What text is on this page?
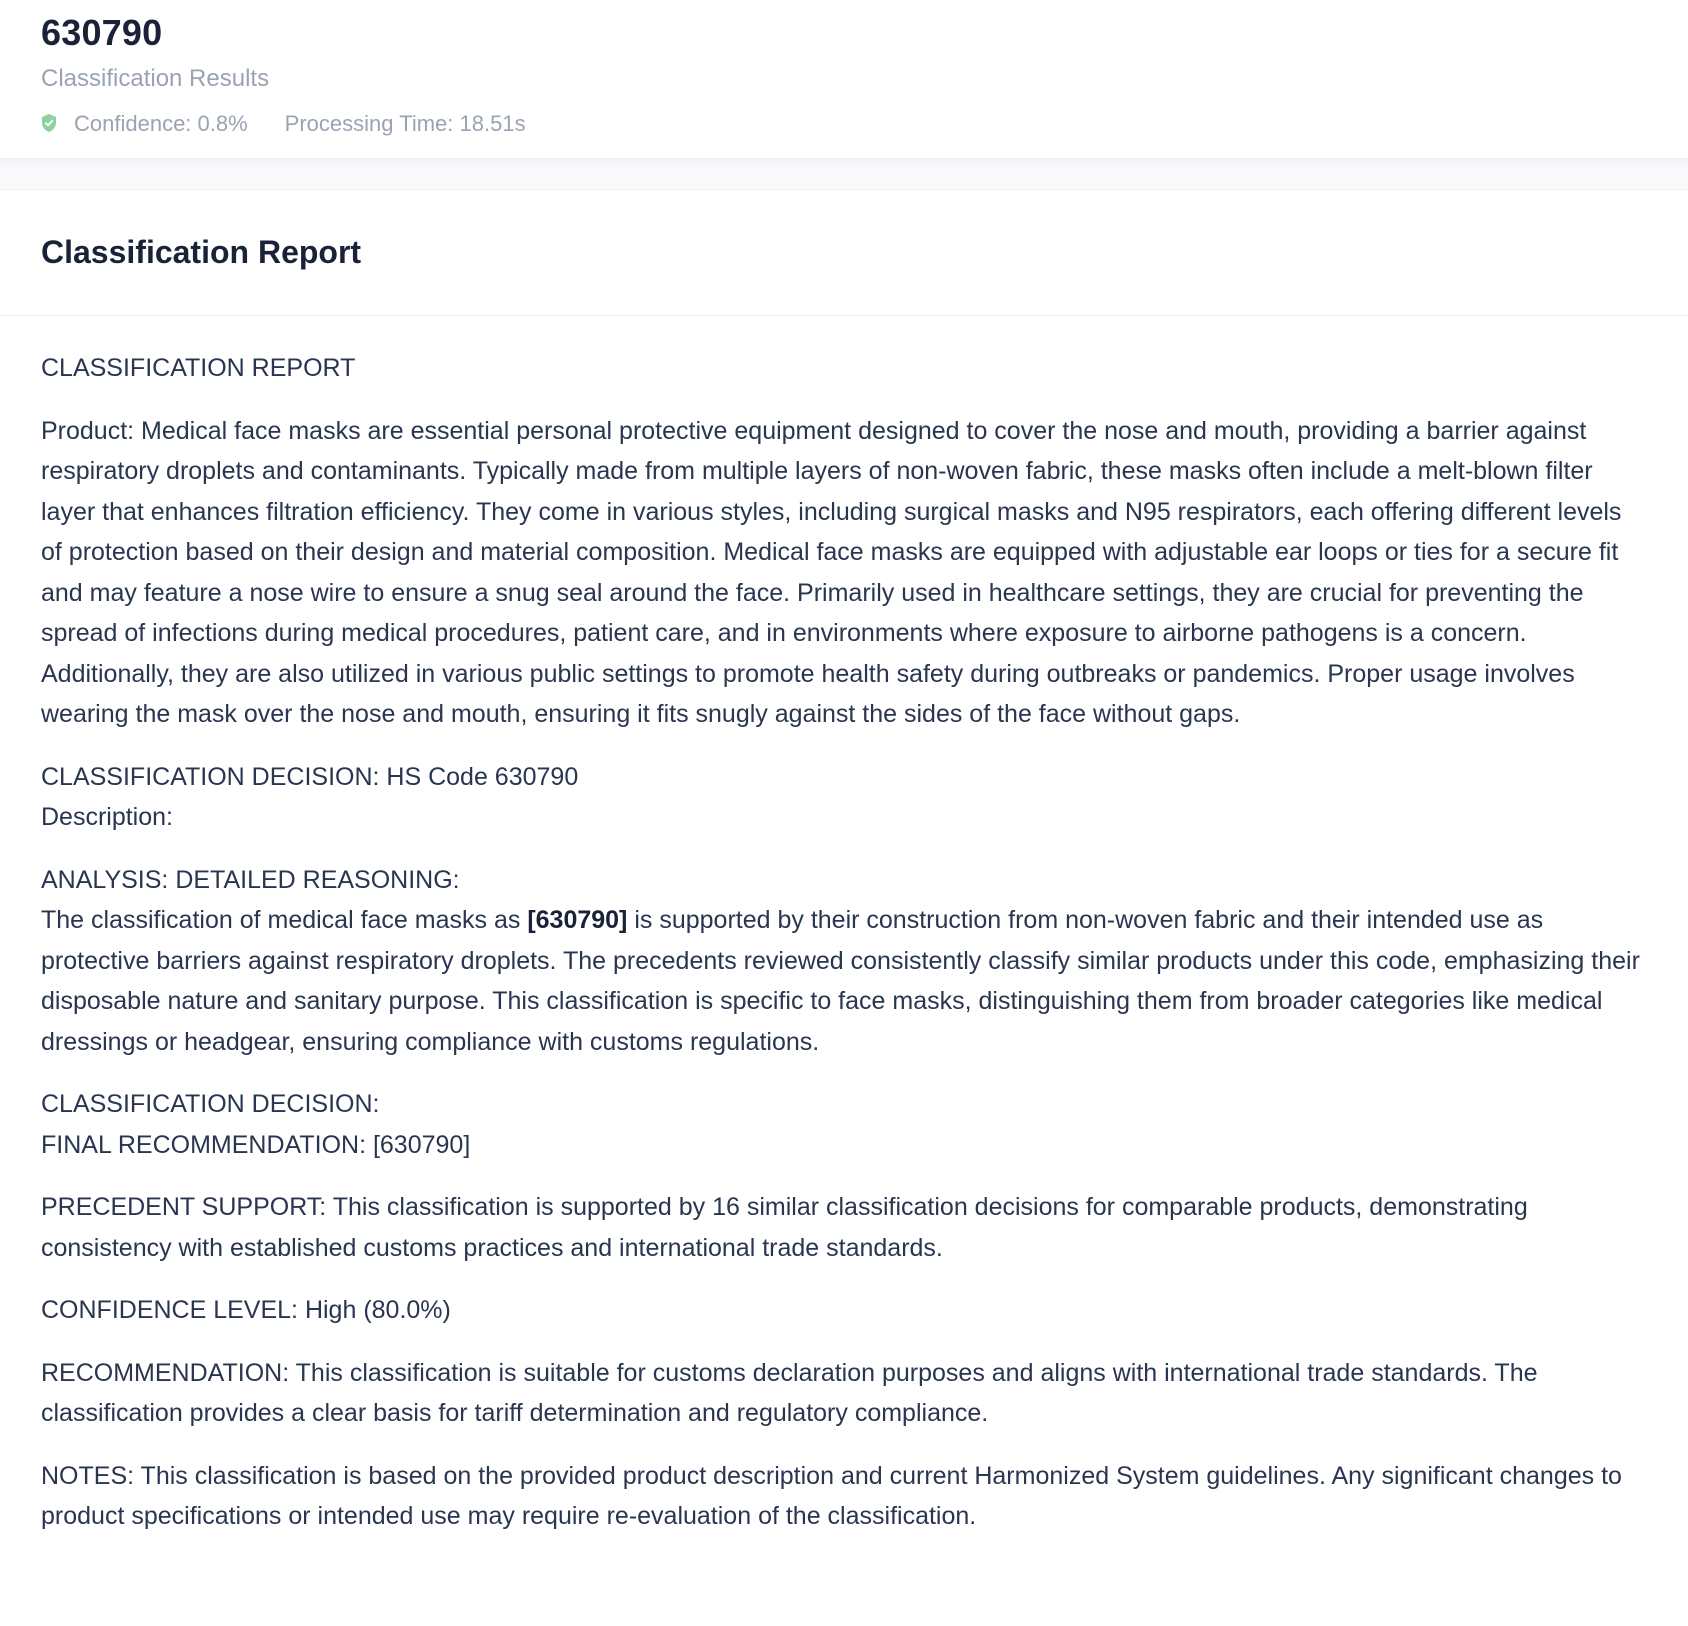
630790
Classification Results
Confidence: 0.8% Processing Time: 18.51s
Classification Report

CLASSIFICATION REPORT

Product: Medical face masks are essential personal protective equipment designed to cover the nose and mouth, providing a barrier against respiratory droplets and contaminants. Typically made from multiple layers of non-woven fabric, these masks often include a melt-blown filter layer that enhances filtration efficiency. They come in various styles, including surgical masks and N95 respirators, each offering different levels of protection based on their design and material composition. Medical face masks are equipped with adjustable ear loops or ties for a secure fit and may feature a nose wire to ensure a snug seal around the face. Primarily used in healthcare settings, they are crucial for preventing the spread of infections during medical procedures, patient care, and in environments where exposure to airborne pathogens is a concern. Additionally, they are also utilized in various public settings to promote health safety during outbreaks or pandemics. Proper usage involves wearing the mask over the nose and mouth, ensuring it fits snugly against the sides of the face without gaps.

CLASSIFICATION DECISION: HS Code 630790

Description:

ANALYSIS: DETAILED REASONING:

The classification of medical face masks as [630790] is supported by their construction from non-woven fabric and their intended use as protective barriers against respiratory droplets. The precedents reviewed consistently classify similar products under this code, emphasizing their disposable nature and sanitary purpose. This classification is specific to face masks, distinguishing them from broader categories like medical dressings or headgear, ensuring compliance with customs regulations.

CLASSIFICATION DECISION:

FINAL RECOMMENDATION: [630790]

PRECEDENT SUPPORT: This classification is supported by 16 similar classification decisions for comparable products, demonstrating consistency with established customs practices and international trade standards.

CONFIDENCE LEVEL: High (80.0%)

RECOMMENDATION: This classification is suitable for customs declaration purposes and aligns with international trade standards. The classification provides a clear basis for tariff determination and regulatory compliance.

NOTES: This classification is based on the provided product description and current Harmonized System guidelines. Any significant changes to product specifications or intended use may require re-evaluation of the classification.
